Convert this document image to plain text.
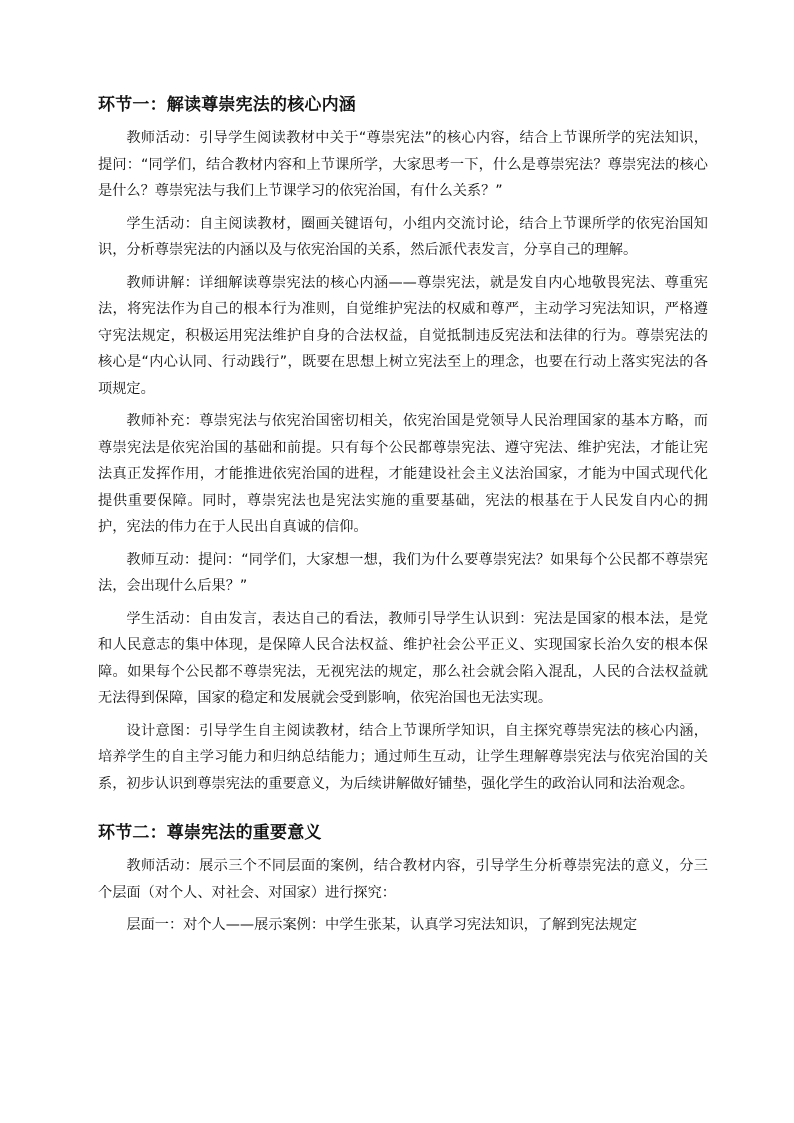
环节一：解读尊崇宪法的核心内涵

教师活动：引导学生阅读教材中关于“尊崇宪法”的核心内容，结合上节课所学的宪法知识，提问：“同学们，结合教材内容和上节课所学，大家思考一下，什么是尊崇宪法？尊崇宪法的核心是什么？尊崇宪法与我们上节课学习的依宪治国，有什么关系？”

学生活动：自主阅读教材，圈画关键语句，小组内交流讨论，结合上节课所学的依宪治国知识，分析尊崇宪法的内涵以及与依宪治国的关系，然后派代表发言，分享自己的理解。

教师讲解：详细解读尊崇宪法的核心内涵——尊崇宪法，就是发自内心地敬畏宪法、尊重宪法，将宪法作为自己的根本行为准则，自觉维护宪法的权威和尊严，主动学习宪法知识，严格遵守宪法规定，积极运用宪法维护自身的合法权益，自觉抵制违反宪法和法律的行为。尊崇宪法的核心是“内心认同、行动践行”，既要在思想上树立宪法至上的理念，也要在行动上落实宪法的各项规定。

教师补充：尊崇宪法与依宪治国密切相关，依宪治国是党领导人民治理国家的基本方略，而尊崇宪法是依宪治国的基础和前提。只有每个公民都尊崇宪法、遵守宪法、维护宪法，才能让宪法真正发挥作用，才能推进依宪治国的进程，才能建设社会主义法治国家，才能为中国式现代化提供重要保障。同时，尊崇宪法也是宪法实施的重要基础，宪法的根基在于人民发自内心的拥护，宪法的伟力在于人民出自真诚的信仰。

教师互动：提问：“同学们，大家想一想，我们为什么要尊崇宪法？如果每个公民都不尊崇宪法，会出现什么后果？”

学生活动：自由发言，表达自己的看法，教师引导学生认识到：宪法是国家的根本法，是党和人民意志的集中体现，是保障人民合法权益、维护社会公平正义、实现国家长治久安的根本保障。如果每个公民都不尊崇宪法，无视宪法的规定，那么社会就会陷入混乱，人民的合法权益就无法得到保障，国家的稳定和发展就会受到影响，依宪治国也无法实现。

设计意图：引导学生自主阅读教材，结合上节课所学知识，自主探究尊崇宪法的核心内涵，培养学生的自主学习能力和归纳总结能力；通过师生互动，让学生理解尊崇宪法与依宪治国的关系，初步认识到尊崇宪法的重要意义，为后续讲解做好铺垫，强化学生的政治认同和法治观念。

环节二：尊崇宪法的重要意义

教师活动：展示三个不同层面的案例，结合教材内容，引导学生分析尊崇宪法的意义，分三个层面（对个人、对社会、对国家）进行探究：

层面一：对个人——展示案例：中学生张某，认真学习宪法知识，了解到宪法规定
